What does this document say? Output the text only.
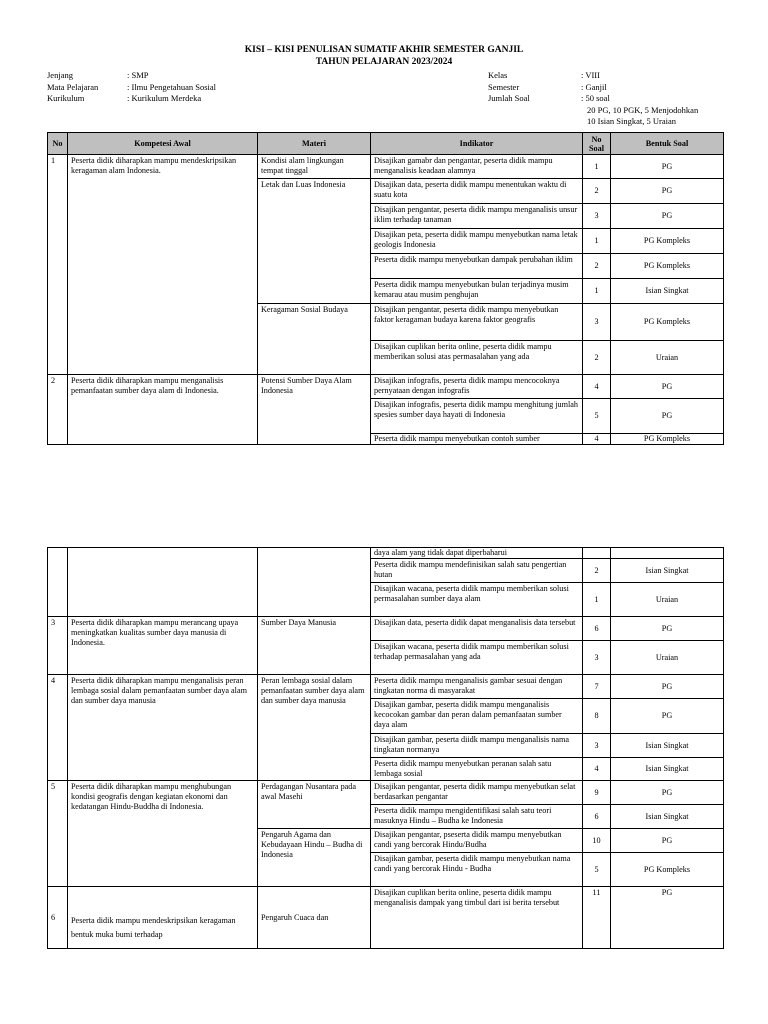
KISI – KISI PENULISAN SUMATIF AKHIR SEMESTER GANJIL
TAHUN PELAJARAN 2023/2024
Jenjang	: SMP
Mata Pelajaran	: Ilmu Pengetahuan Sosial
Kurikulum	: Kurikulum Merdeka
Kelas	: VIII
Semester	: Ganjil
Jumlah Soal	: 50 soal
20 PG, 10 PGK, 5 Menjodohkan
10 Isian Singkat, 5 Uraian
No	Kompetesi Awal	Materi	Indikator	No Soal	Bentuk Soal
1	Peserta didik diharapkan mampu mendeskripsikan keragaman alam Indonesia.	Kondisi alam lingkungan tempat tinggal	Disajikan gamabr dan pengantar, peserta didik mampu menganalisis keadaan alamnya	1	PG
		Letak dan Luas Indonesia	Disajikan data, peserta didik mampu menentukan waktu di suatu kota	2	PG
			Disajikan pengantar, peserta didik mampu menganalisis unsur iklim terhadap tanaman	3	PG
			Disajikan peta, peserta didik mampu menyebutkan nama letak geologis Indonesia	1	PG Kompleks
			Peserta didik mampu menyebutkan dampak perubahan iklim	2	PG Kompleks
			Peserta didik mampu menyebutkan bulan terjadinya musim kemarau atau musim penghujan	1	Isian Singkat
		Keragaman Sosial Budaya	Disajikan pengantar, peserta didik mampu menyebutkan faktor keragaman budaya karena faktor geografis	3	PG Kompleks
			Disajikan cuplikan berita online, peserta didik mampu memberikan solusi atas permasalahan yang ada	2	Uraian
2	Peserta didik diharapkan mampu menganalisis pemanfaatan sumber daya alam di Indonesia.	Potensi Sumber Daya Alam Indonesia	Disajikan infografis, peserta didik mampu mencocoknya pernyataan dengan infografis	4	PG
			Disajikan infografis, peserta didik mampu menghitung jumlah spesies sumber daya hayati di Indonesia	5	PG
			Peserta didik mampu menyebutkan contoh sumber	4	PG Kompleks
			daya alam yang tidak dapat diperbaharui		
			Peserta didik mampu mendefinisikan salah satu pengertian hutan	2	Isian Singkat
			Disajikan wacana, peserta didik mampu memberikan solusi permasalahan sumber daya alam	1	Uraian
3	Peserta didik diharapkan mampu merancang upaya meningkatkan kualitas sumber daya manusia di Indonesia.	Sumber Daya Manusia	Disajikan data, peserta didik dapat menganalisis data tersebut	6	PG
			Disajikan wacana, peserta didik mampu memberikan solusi terhadap permasalahan yang ada	3	Uraian
4	Peserta didik diharapkan mampu menganalisis peran lembaga sosial dalam pemanfaatan sumber daya alam dan sumber daya manusia	Peran lembaga sosial dalam pemanfaatan sumber daya alam dan sumber daya manusia	Peserta didik mampu menganalisis gambar sesuai dengan tingkatan norma di masyarakat	7	PG
			Disajikan gambar, peserta didik mampu menganalisis kecocokan gambar dan peran dalam pemanfaatan sumber daya alam	8	PG
			Disajikan gambar, peserta diidk mampu menganalisis nama tingkatan normanya	3	Isian Singkat
			Peserta didik mampu menyebutkan peranan salah satu lembaga sosial	4	Isian Singkat
5	Peserta didik diharapkan mampu menghubungan kondisi geografis dengan kegiatan ekonomi dan kedatangan Hindu-Buddha di Indonesia.	Perdagangan Nusantara pada awal Masehi	Disajikan pengantar, peserta didik mampu menyebutkan selat berdasarkan pengantar	9	PG
			Peserta didik mampu mengidentifikasi salah satu teori masuknya Hindu – Budha ke Indonesia	6	Isian Singkat
		Pengaruh Agama dan Kebudayaan Hindu – Budha di Indonesia	Disajikan pengantar, pseserta didik mampu menyebutkan candi yang bercorak Hindu/Budha	10	PG
			Disajikan gambar, peserta didik mampu menyebutkan nama candi yang bercorak Hindu - Budha	5	PG Kompleks
6	Peserta didik mampu mendeskripsikan keragaman bentuk muka bumi terhadap	Pengaruh Cuaca dan	Disajikan cuplikan berita online, peserta didik mampu menganalisis dampak yang timbul dari isi berita tersebut	11	PG
